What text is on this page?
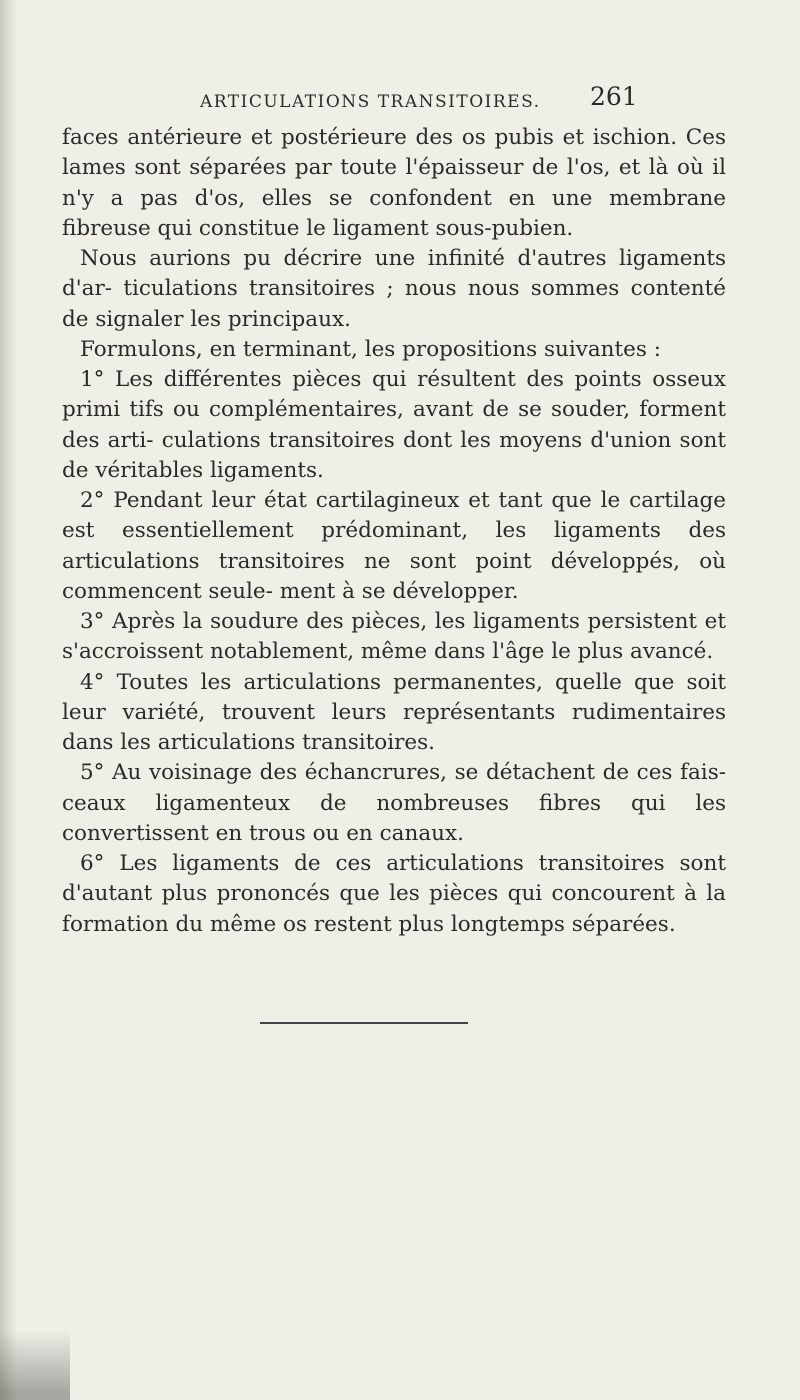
ARTICULATIONS TRANSITOIRES. 261

faces antérieure et postérieure des os pubis et ischion. Ces lames sont séparées par toute l'épaisseur de l'os, et là où il n'y a pas d'os, elles se confondent en une membrane fibreuse qui constitue le ligament sous-pubien.

Nous aurions pu décrire une infinité d'autres ligaments d'ar- ticulations transitoires ; nous nous sommes contenté de signaler les principaux.

Formulons, en terminant, les propositions suivantes :

1° Les différentes pièces qui résultent des points osseux primi tifs ou complémentaires, avant de se souder, forment des arti- culations transitoires dont les moyens d'union sont de véritables ligaments.

2° Pendant leur état cartilagineux et tant que le cartilage est essentiellement prédominant, les ligaments des articulations transitoires ne sont point développés, où commencent seule- ment à se développer.

3° Après la soudure des pièces, les ligaments persistent et s'accroissent notablement, même dans l'âge le plus avancé.

4° Toutes les articulations permanentes, quelle que soit leur variété, trouvent leurs représentants rudimentaires dans les articulations transitoires.

5° Au voisinage des échancrures, se détachent de ces fais- ceaux ligamenteux de nombreuses fibres qui les convertissent en trous ou en canaux.

6° Les ligaments de ces articulations transitoires sont d'autant plus prononcés que les pièces qui concourent à la formation du même os restent plus longtemps séparées.
